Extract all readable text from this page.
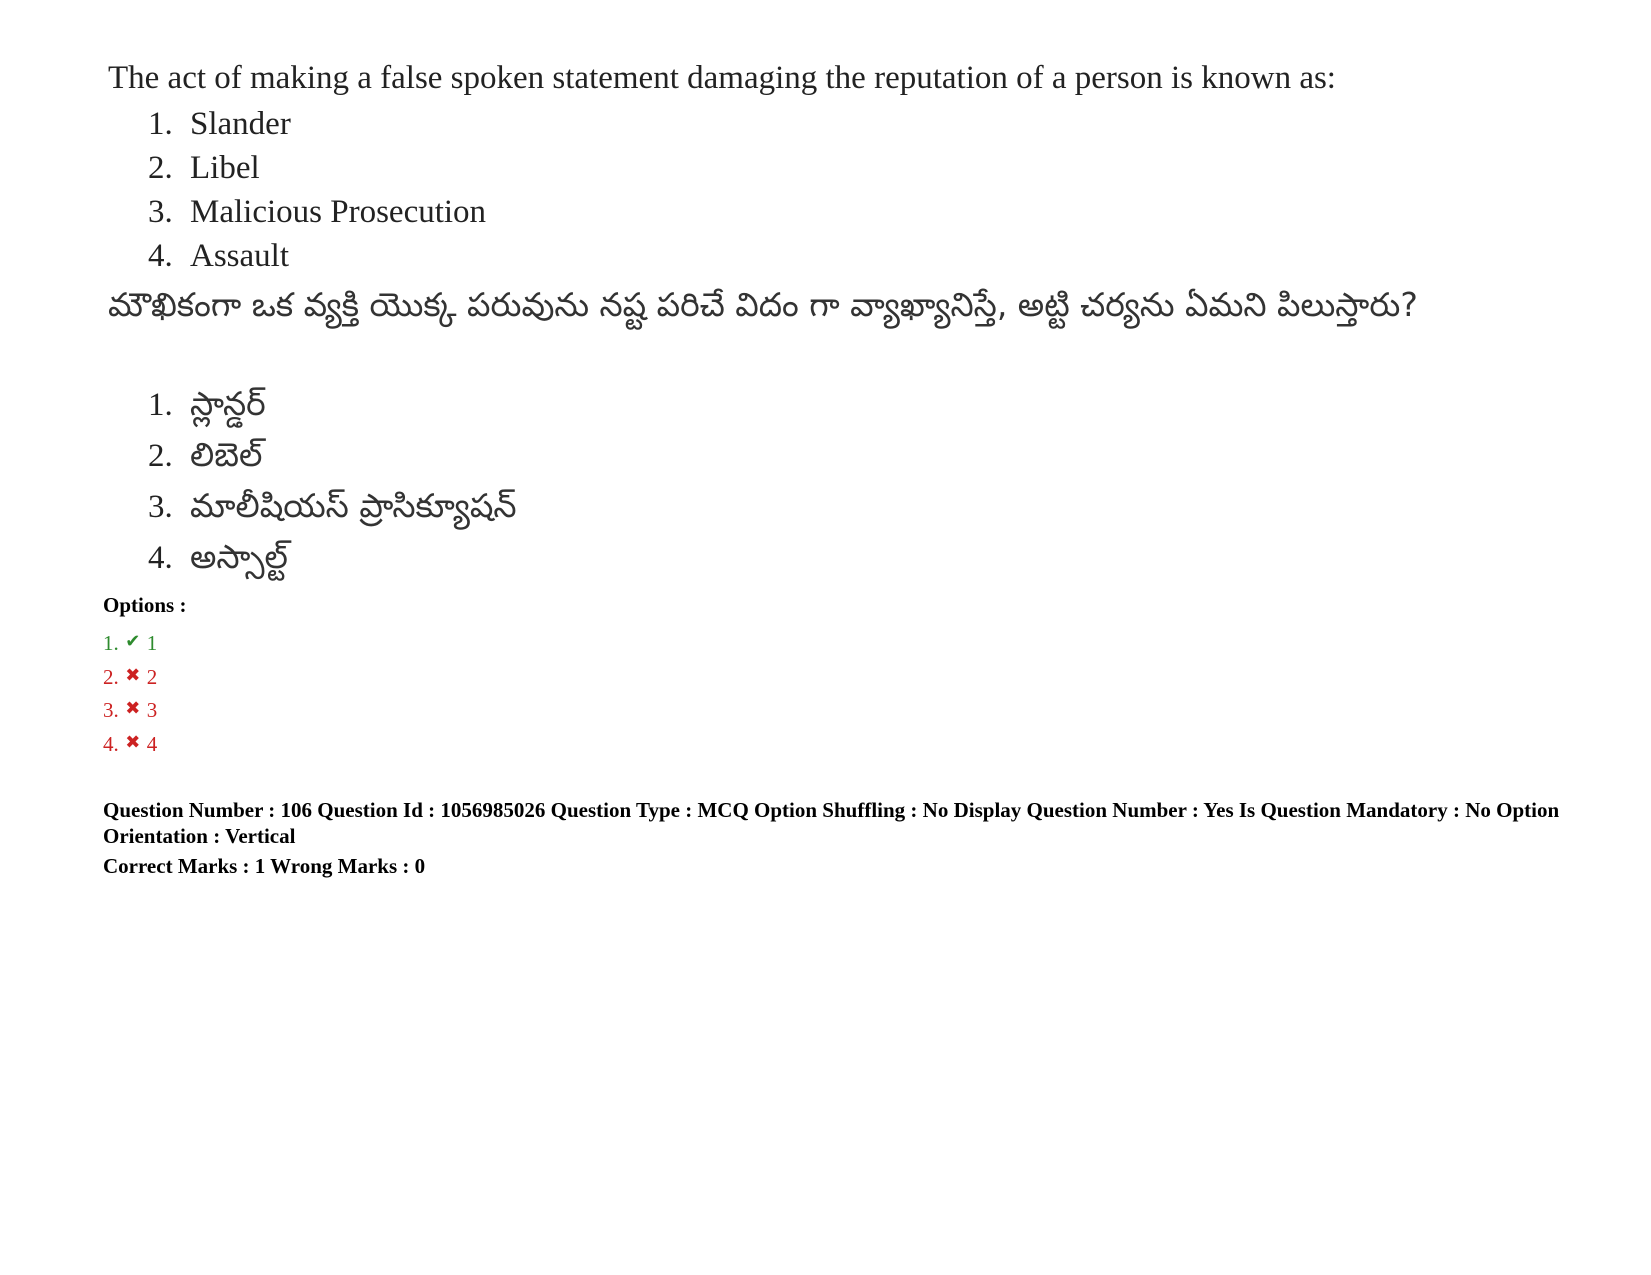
The act of making a false spoken statement damaging the reputation of a person is known as:
1. Slander
2. Libel
3. Malicious Prosecution
4. Assault
మౌఖికంగా ఒక వ్యక్తి యొక్క పరువును నష్ట పరిచే విదం గా వ్యాఖ్యానిస్తే, అట్టి చర్యను ఏమని పిలుస్తారు?
1. స్లాన్డర్
2. లిబెల్
3. మాలీషియస్ ప్రాసిక్యూషన్
4. అస్సాల్ట్
Options :
1. ✔ 1
2. ✖ 2
3. ✖ 3
4. ✖ 4
Question Number : 106 Question Id : 1056985026 Question Type : MCQ Option Shuffling : No Display Question Number : Yes Is Question Mandatory : No Option Orientation : Vertical
Correct Marks : 1 Wrong Marks : 0
